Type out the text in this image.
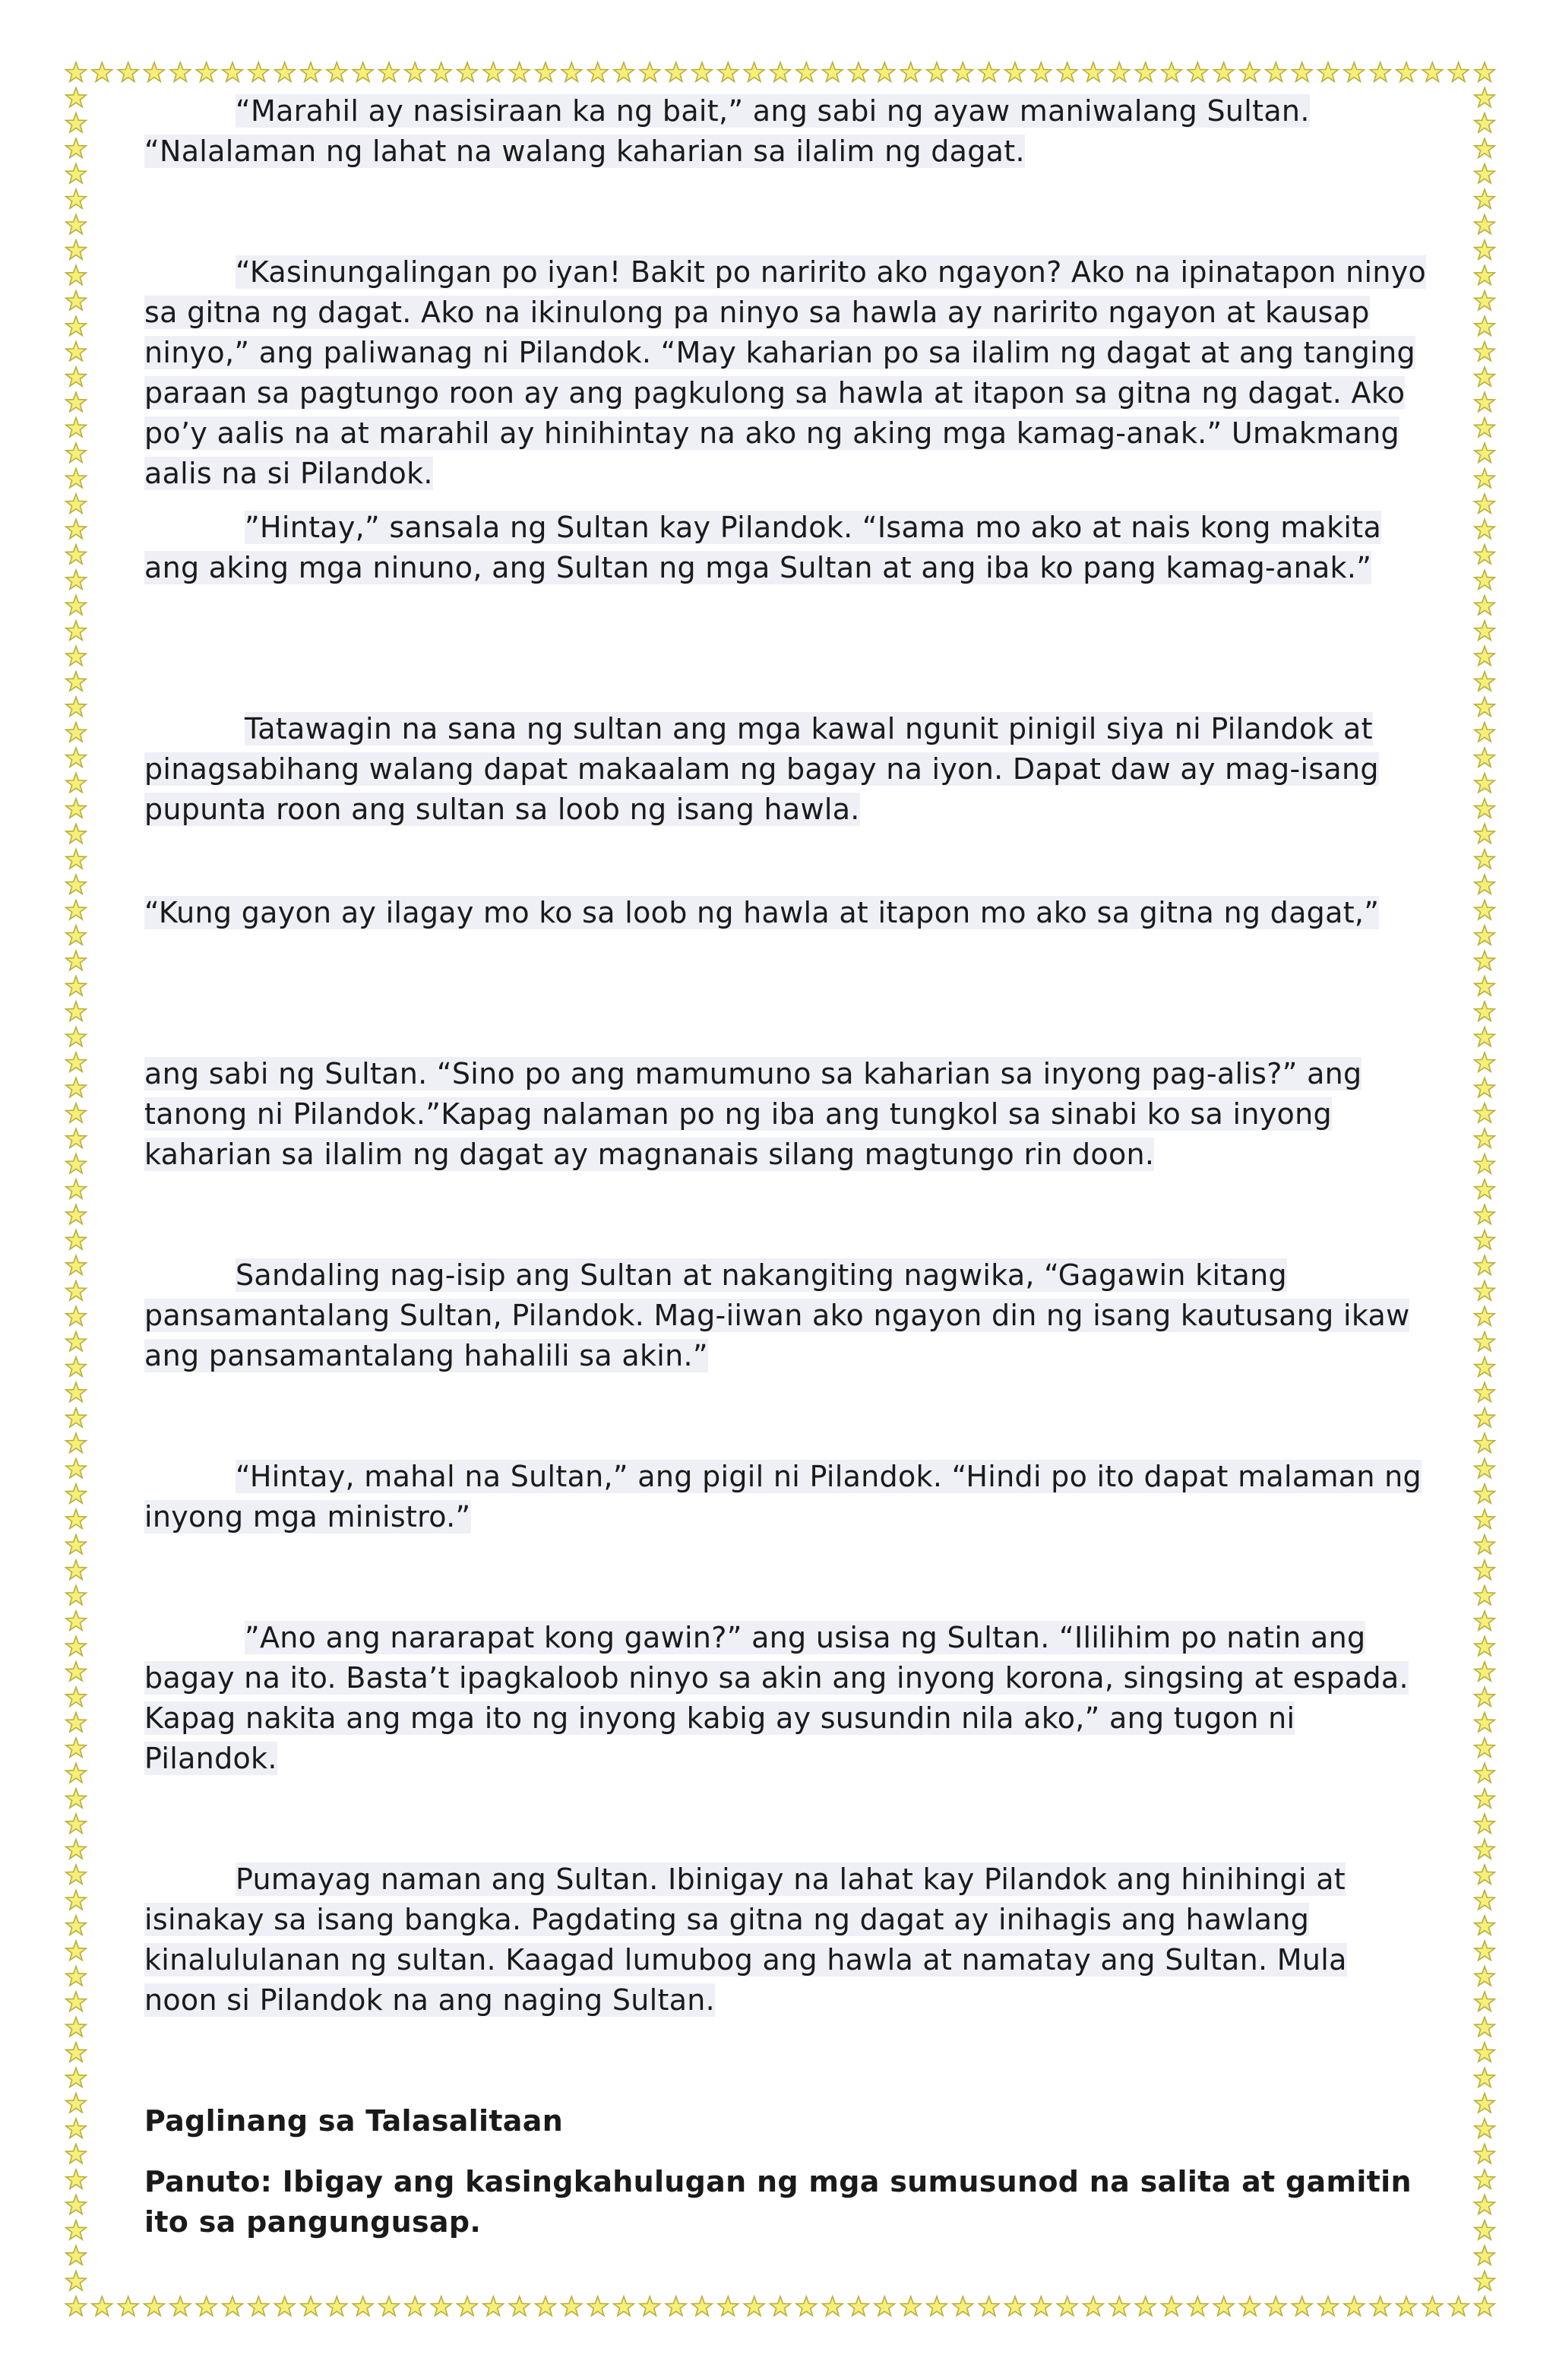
“Marahil ay nasisiraan ka ng bait,” ang sabi ng ayaw maniwalang Sultan. “Nalalaman ng lahat na walang kaharian sa ilalim ng dagat.

“Kasinungalingan po iyan! Bakit po naririto ako ngayon? Ako na ipinatapon ninyo sa gitna ng dagat. Ako na ikinulong pa ninyo sa hawla ay naririto ngayon at kausap ninyo,” ang paliwanag ni Pilandok. “May kaharian po sa ilalim ng dagat at ang tanging paraan sa pagtungo roon ay ang pagkulong sa hawla at itapon sa gitna ng dagat. Ako po’y aalis na at marahil ay hinihintay na ako ng aking mga kamag-anak.” Umakmang aalis na si Pilandok.

”Hintay,” sansala ng Sultan kay Pilandok. “Isama mo ako at nais kong makita ang aking mga ninuno, ang Sultan ng mga Sultan at ang iba ko pang kamag-anak.”

Tatawagin na sana ng sultan ang mga kawal ngunit pinigil siya ni Pilandok at pinagsabihang walang dapat makaalam ng bagay na iyon. Dapat daw ay mag-isang pupunta roon ang sultan sa loob ng isang hawla.

“Kung gayon ay ilagay mo ko sa loob ng hawla at itapon mo ako sa gitna ng dagat,”

ang sabi ng Sultan. “Sino po ang mamumuno sa kaharian sa inyong pag-alis?” ang tanong ni Pilandok.”Kapag nalaman po ng iba ang tungkol sa sinabi ko sa inyong kaharian sa ilalim ng dagat ay magnanais silang magtungo rin doon.

Sandaling nag-isip ang Sultan at nakangiting nagwika, “Gagawin kitang pansamantalang Sultan, Pilandok. Mag-iiwan ako ngayon din ng isang kautusang ikaw ang pansamantalang hahalili sa akin.”

“Hintay, mahal na Sultan,” ang pigil ni Pilandok. “Hindi po ito dapat malaman ng inyong mga ministro.”

”Ano ang nararapat kong gawin?” ang usisa ng Sultan. “Ililihim po natin ang bagay na ito. Basta’t ipagkaloob ninyo sa akin ang inyong korona, singsing at espada. Kapag nakita ang mga ito ng inyong kabig ay susundin nila ako,” ang tugon ni Pilandok.

Pumayag naman ang Sultan. Ibinigay na lahat kay Pilandok ang hinihingi at isinakay sa isang bangka. Pagdating sa gitna ng dagat ay inihagis ang hawlang kinalululanan ng sultan. Kaagad lumubog ang hawla at namatay ang Sultan. Mula noon si Pilandok na ang naging Sultan.

Paglinang sa Talasalitaan

Panuto: Ibigay ang kasingkahulugan ng mga sumusunod na salita at gamitin ito sa pangungusap.
